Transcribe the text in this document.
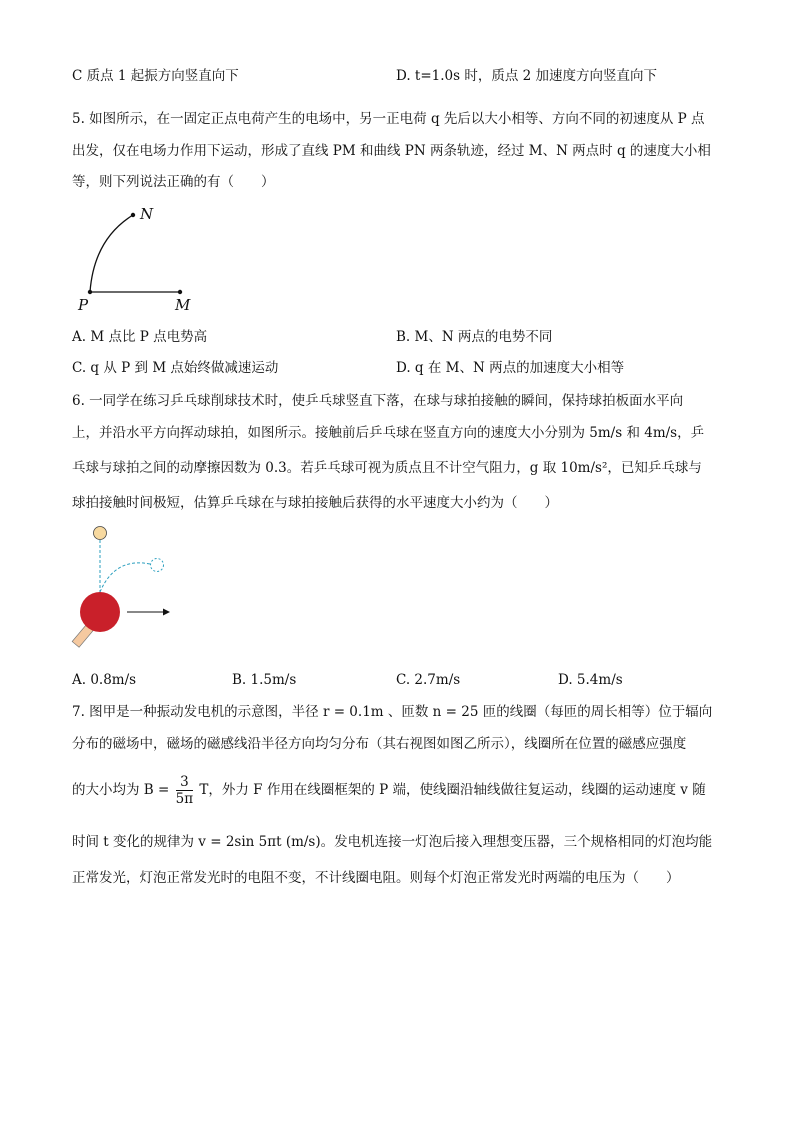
C 质点 1 起振方向竖直向下	D. t=1.0s 时，质点 2 加速度方向竖直向下
5. 如图所示，在一固定正点电荷产生的电场中，另一正电荷 q 先后以大小相等、方向不同的初速度从 P 点
出发，仅在电场力作用下运动，形成了直线 PM 和曲线 PN 两条轨迹，经过 M、N 两点时 q 的速度大小相
等，则下列说法正确的有（　　）
N
P	M
A. M 点比 P 点电势高	B. M、N 两点的电势不同
C. q 从 P 到 M 点始终做减速运动	D. q 在 M、N 两点的加速度大小相等
6. 一同学在练习乒乓球削球技术时，使乒乓球竖直下落，在球与球拍接触的瞬间，保持球拍板面水平向
上，并沿水平方向挥动球拍，如图所示。接触前后乒乓球在竖直方向的速度大小分别为 5m/s 和 4m/s，乒
乓球与球拍之间的动摩擦因数为 0.3。若乒乓球可视为质点且不计空气阻力，g 取 10m/s²，已知乒乓球与
球拍接触时间极短，估算乒乓球在与球拍接触后获得的水平速度大小约为（　　）
A. 0.8m/s	B. 1.5m/s	C. 2.7m/s	D. 5.4m/s
7. 图甲是一种振动发电机的示意图，半径 r = 0.1m 、匝数 n = 25 匝的线圈（每匝的周长相等）位于辐向
分布的磁场中，磁场的磁感线沿半径方向均匀分布（其右视图如图乙所示），线圈所在位置的磁感应强度
的大小均为 $B = \frac{3}{5\pi}$ T，外力 F 作用在线圈框架的 P 端，使线圈沿轴线做往复运动，线圈的运动速度 v 随
时间 t 变化的规律为 v = 2sin 5πt (m/s)。发电机连接一灯泡后接入理想变压器，三个规格相同的灯泡均能
正常发光，灯泡正常发光时的电阻不变，不计线圈电阻。则每个灯泡正常发光时两端的电压为（　　）
